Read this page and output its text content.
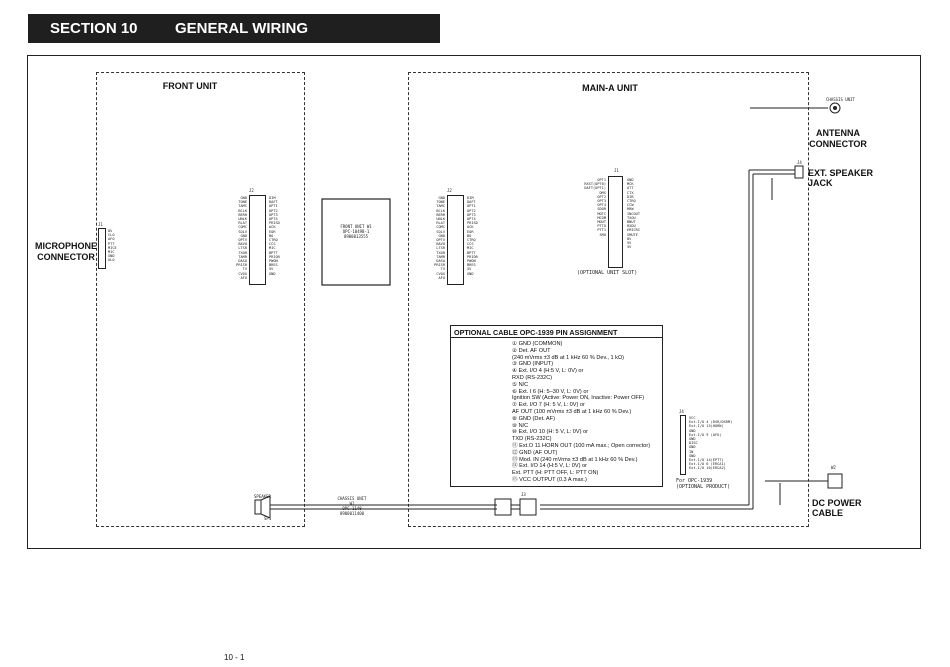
SECTION 10 GENERAL WIRING
FRONT UNIT	MAIN-A UNIT
MICROPHONE
CONNECTOR
ANTENNA
CONNECTOR
EXT. SPEAKER JACK
DC POWER CABLE
CHASSIS UNIT
W2
J4
J1
8V
CLO
AFO
PTT
MICE
MIC
GND
ULO
J2
GND
TONE
TAMC
BCLK
BERR
UNLK
RLAT
COMC
SQLV
GND
OPTV
BAVO
LTSR
TXOR
TAMR
DASA
PRISR
TV
CVOX
AFO
DIM
DAFT
OPT1
OPT2
OPT3
OPT4
PRISD
ACK
EOR
BO
CTRQ
CCS
MIC
BPTT
PRIOR
PWON
BRES
5V
GND
FRONT UNIT W1
OPC-1049B-1
8900013555
J2
GND
TONE
TAMC
BCLK
BERR
UNLK
RLAT
COMC
SQLV
GND
OPTV
BAVO
LTSR
TXOR
TAMR
DASA
PRISR
TV
CVOX
AFO
DIM
DAFT
OPT1
OPT2
OPT3
OPT4
PRISD
ACK
EOR
BO
CTRQ
CCS
MIC
BPTT
PRIOR
PWON
BRES
5V
GND
J1
OPT1
RXST(OPT0)
DAFT(OPT1)
DMS
OPT2
OPT3
OPT4
SDOR
MOTC
MCOM
MOUT
PTTO
PTT1
SMO
GND
MCK
ATT
CTX
DIB
CTRQ
CCW
RRW
INCOUT
TXOU
BNUT
RXDU
EMICRI
SMUTE
8V
5V
5V
(OPTIONAL UNIT SLOT)
OPTIONAL CABLE OPC-1939 PIN ASSIGNMENT
① GND (COMMON)
② Det. AF OUT
(240 mVrms ±3 dB at 1 kHz 60 % Dev., 1 kΩ)
③ GND (INPUT)
④ Ext. I/O 4 (H:5 V, L: 0V) or
RXD (RS-232C)
⑤ N/C
⑥ Ext. I 6 (H: 5–30 V, L: 0V) or
Ignition SW (Active: Power ON, Inactive: Power OFF)
⑦ Ext. I/O 7 (H: 5 V, L: 0V) or
AF OUT (100 mVrms ±3 dB at 1 kHz 60 % Dev.)
⑧ GND (Det. AF)
⑨ N/C
⑩ Ext. I/O 10 (H: 5 V, L: 0V) or
TXD (RS-232C)
⑪ Ext.O 11 HORN OUT (100 mA max.; Open corrector)
⑫ GND (AF OUT)
⑬ Mod. IN (240 mVrms ±3 dB at 1 kHz 60 % Dev.)
⑭ Ext. I/O 14 (H:5 V, L: 0V) or
Ext. PTT (H: PTT OFF, L: PTT ON)
⑮ VCC OUTPUT (0.3 A max.)
J4
VCC
Ext.I/O 4 (DSR/DSRM)
Ext.I/O 13(HORN)
GND
Ext.I/O 9 (AFO)
GND
DISC
GND
IN
GND
Ext.I/O 14(EPTT)
Ext.I/O 6 (ERCA1)
Ext.I/O 10(ERCA2)
For OPC-1939
(OPTIONAL PRODUCT)
SPEAKER
SP1
CHASSIS UNIT
W1
OPC-1148
8900011400
J3
10 - 1
